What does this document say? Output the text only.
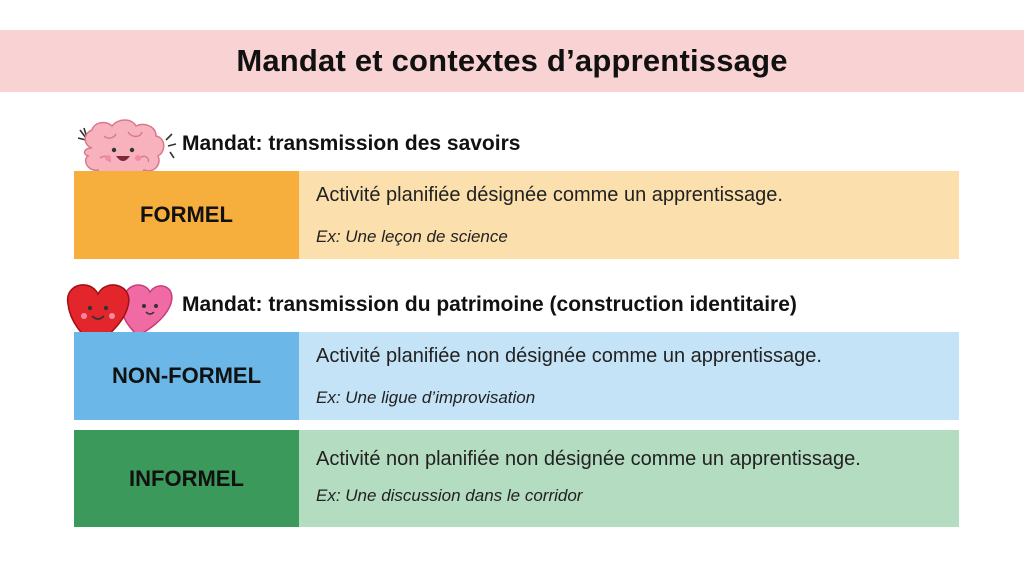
Mandat et contextes d’apprentissage
Mandat: transmission des savoirs
FORMEL
Activité planifiée désignée comme un apprentissage.
Ex: Une leçon de science
Mandat: transmission du patrimoine (construction identitaire)
NON-FORMEL
Activité planifiée non désignée comme un apprentissage.
Ex: Une ligue d’improvisation
INFORMEL
Activité non planifiée non désignée comme un apprentissage.
Ex: Une discussion dans le corridor
